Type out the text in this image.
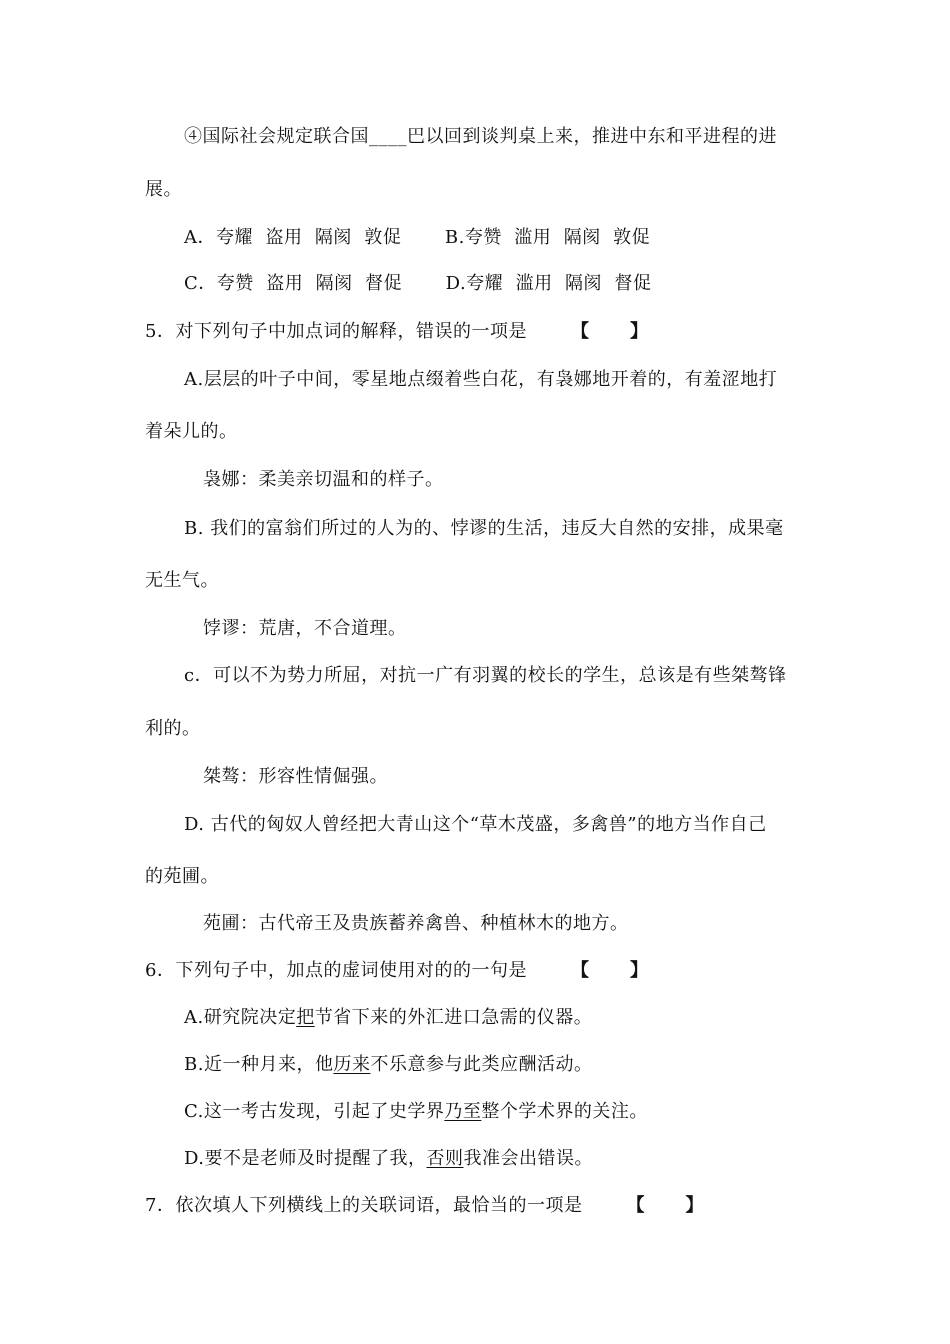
④国际社会规定联合国____巴以回到谈判桌上来，推进中东和平进程的进
展。
A．夸耀  盗用  隔阂  敦促       B.夸赞  滥用  隔阂  敦促
C．夸赞  盗用  隔阂  督促       D.夸耀  滥用  隔阂  督促
5．对下列句子中加点词的解释，错误的一项是 【      】
A.层层的叶子中间，零星地点缀着些白花，有袅娜地开着的，有羞涩地打
着朵儿的。
袅娜：柔美亲切温和的样子。
B. 我们的富翁们所过的人为的、悖谬的生活，违反大自然的安排，成果毫
无生气。
饽谬：荒唐，不合道理。
c．可以不为势力所屈，对抗一广有羽翼的校长的学生，总该是有些桀骜锋
利的。
桀骜：形容性情倔强。
D. 古代的匈奴人曾经把大青山这个“草木茂盛，多禽兽”的地方当作自己
的苑圃。
苑圃：古代帝王及贵族蓄养禽兽、种植林木的地方。
6．下列句子中，加点的虚词使用对的的一句是 【      】
A.研究院决定把节省下来的外汇进口急需的仪器。
B.近一种月来，他历来不乐意参与此类应酬活动。
C.这一考古发现，引起了史学界乃至整个学术界的关注。
D.要不是老师及时提醒了我，否则我准会出错误。
7．依次填人下列横线上的关联词语，最恰当的一项是 【      】
